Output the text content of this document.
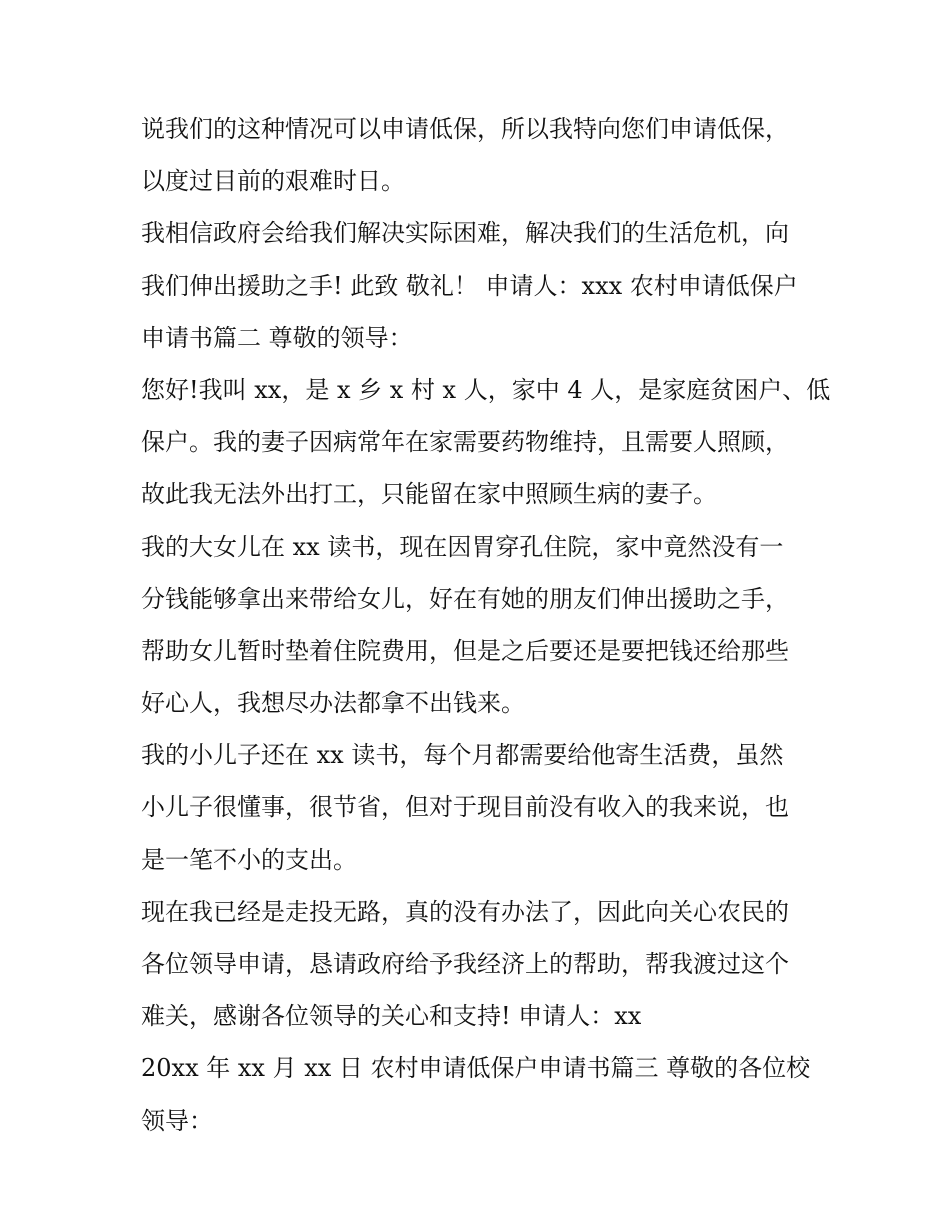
说我们的这种情况可以申请低保，所以我特向您们申请低保，
以度过目前的艰难时日。
我相信政府会给我们解决实际困难，解决我们的生活危机，向
我们伸出援助之手! 此致 敬礼！ 申请人：xxx 农村申请低保户
申请书篇二 尊敬的领导：
您好!我叫 xx，是 x 乡 x 村 x 人，家中 4 人，是家庭贫困户、低
保户。我的妻子因病常年在家需要药物维持，且需要人照顾，
故此我无法外出打工，只能留在家中照顾生病的妻子。
我的大女儿在 xx 读书，现在因胃穿孔住院，家中竟然没有一
分钱能够拿出来带给女儿，好在有她的朋友们伸出援助之手，
帮助女儿暂时垫着住院费用，但是之后要还是要把钱还给那些
好心人，我想尽办法都拿不出钱来。
我的小儿子还在 xx 读书，每个月都需要给他寄生活费，虽然
小儿子很懂事，很节省，但对于现目前没有收入的我来说，也
是一笔不小的支出。
现在我已经是走投无路，真的没有办法了，因此向关心农民的
各位领导申请，恳请政府给予我经济上的帮助，帮我渡过这个
难关，感谢各位领导的关心和支持! 申请人：xx
20xx 年 xx 月 xx 日 农村申请低保户申请书篇三 尊敬的各位校
领导：
